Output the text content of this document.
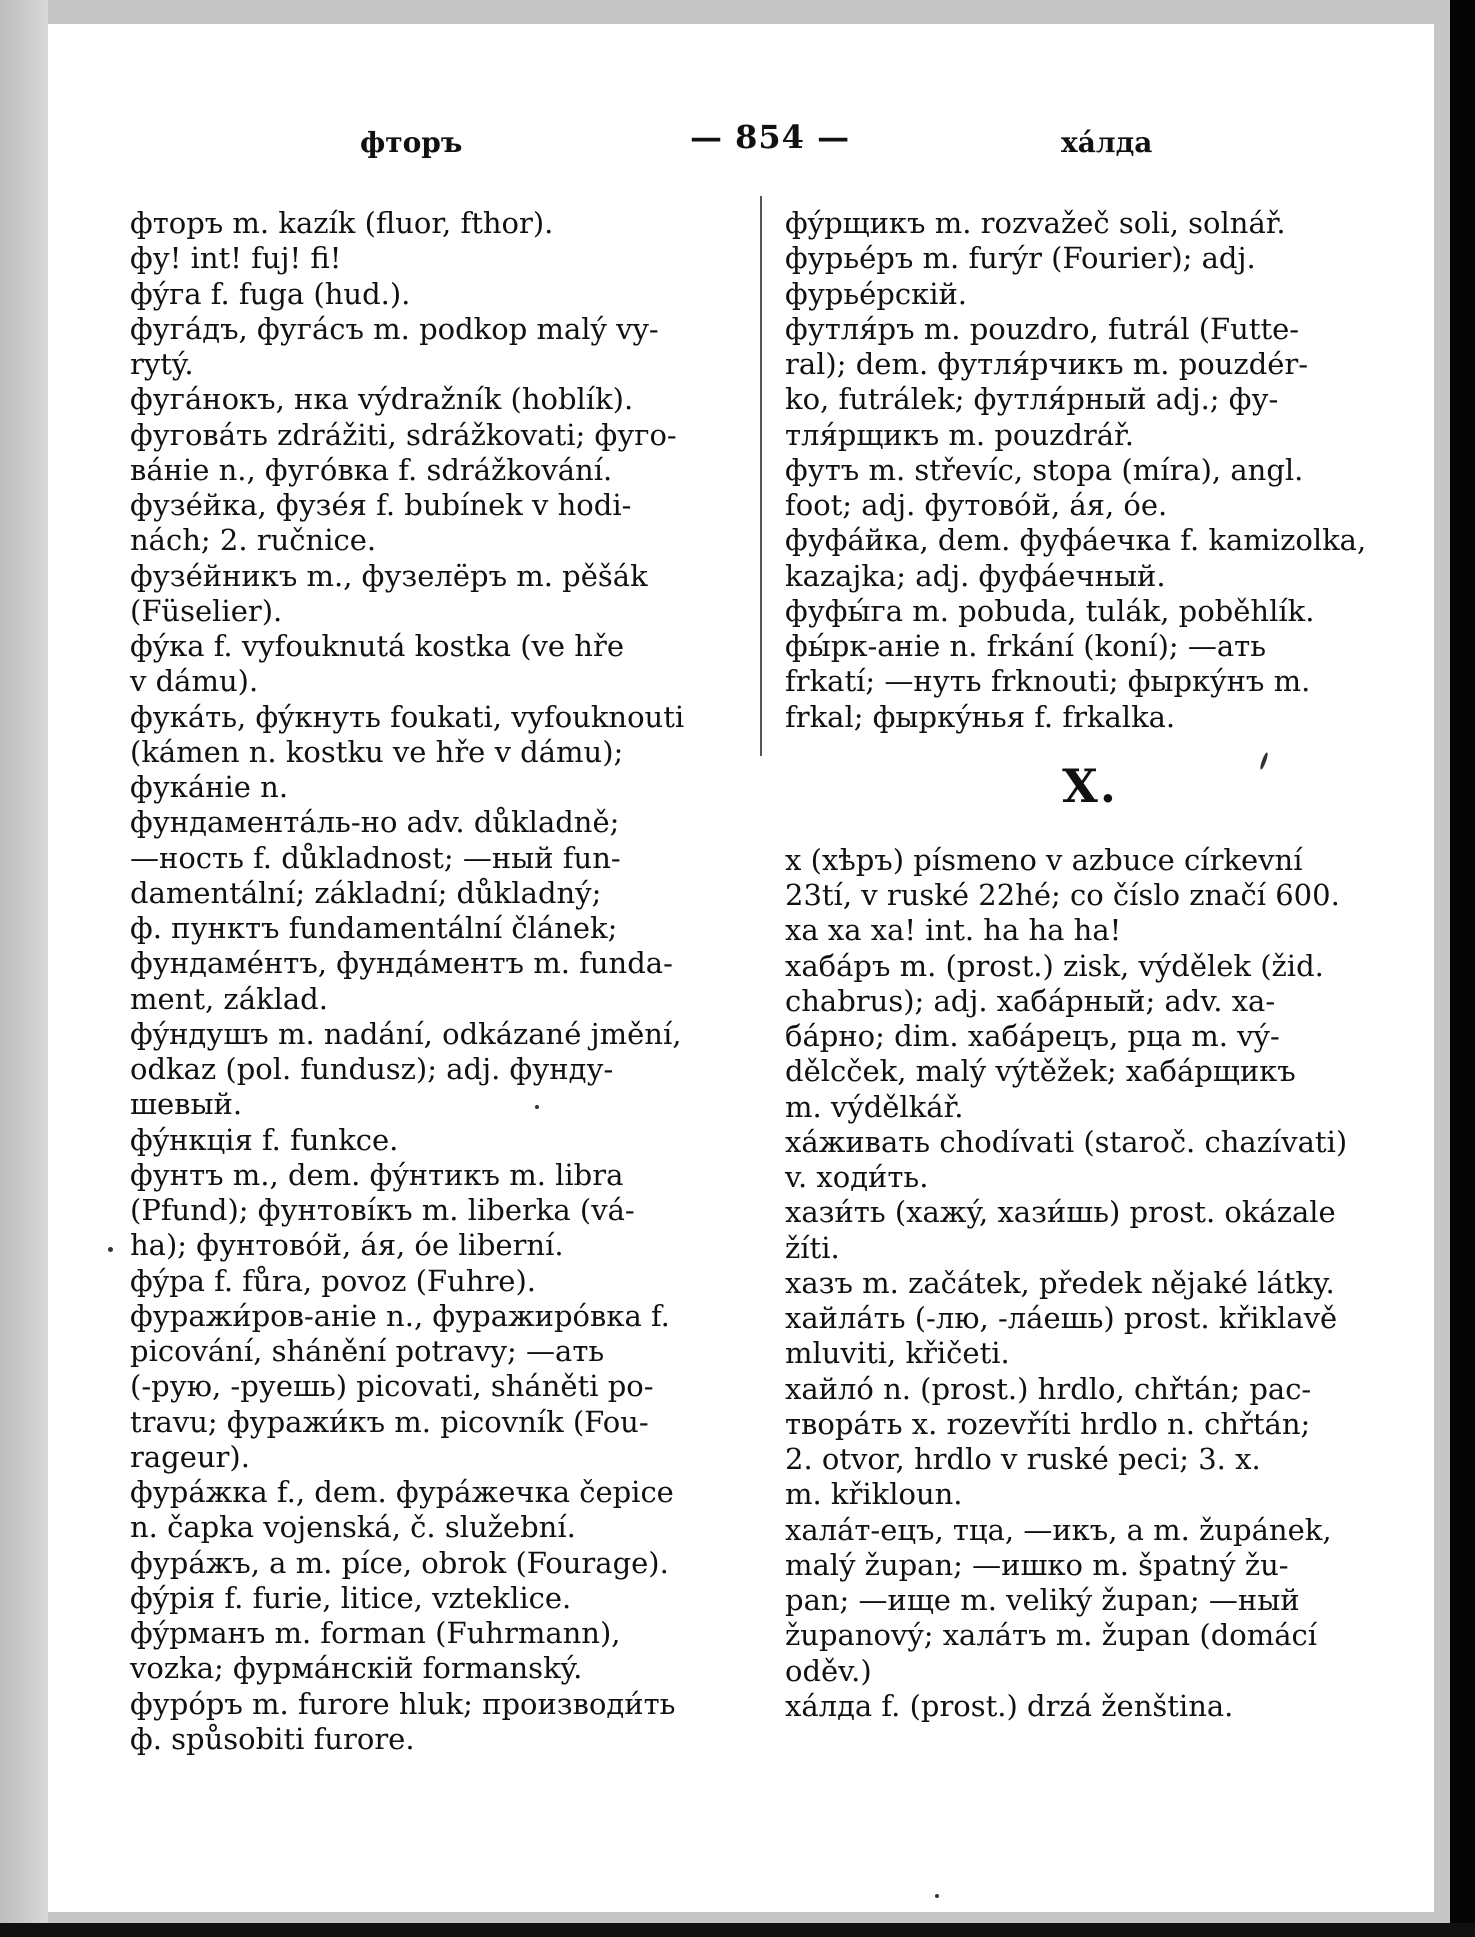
фторъ	— 854 —	хáлда
фторъ m. kazík (fluor, fthor).
фу! int! fuj! fi!
фýга f. fuga (hud.).
фугáдъ, фугáсъ m. podkop malý vy-
rytý.
фугáнокъ, нка výdražník (hoblík).
фуговáть zdrážiti, sdrážkovati; фуго-
вáніе n., фугóвка f. sdrážkování.
фузéйка, фузéя f. bubínek v hodi-
nách; 2. ručnice.
фузéйникъ m., фузелёръ m. pěšák
(Füselier).
фýка f. vyfouknutá kostka (ve hře
v dámu).
фукáть, фýкнуть foukati, vyfouknouti
(kámen n. kostku ve hře v dámu);
фукáніе n.
фундаментáль-но adv. důkladně;
—ность f. důkladnost; —ный fun-
damentální; základní; důkladný;
ф. пунктъ fundamentální článek;
фундамéнтъ, фундáментъ m. funda-
ment, základ.
фýндушъ m. nadání, odkázané jmění,
odkaz (pol. fundusz); adj. фунду-
шевый.
фýнкція f. funkce.
фунтъ m., dem. фýнтикъ m. libra
(Pfund); фунтовíкъ m. liberka (vá-
ha); фунтовóй, áя, óе liberní.
фýра f. fůra, povoz (Fuhre).
фуражи́ров-аніе n., фуражирóвка f.
picování, shánění potravy; —ать
(-рую, -руешь) picovati, sháněti po-
travu; фуражи́къ m. picovník (Fou-
rageur).
фурáжка f., dem. фурáжечка čepice
n. čapka vojenská, č. služební.
фурáжъ, а m. píce, obrok (Fourage).
фýрія f. furie, litice, vzteklice.
фýрманъ m. forman (Fuhrmann),
vozka; фурмáнскій formanský.
фурóръ m. furore hluk; производи́ть
ф. spůsobiti furore.
фýрщикъ m. rozvažeč soli, solnář.
фурьéръ m. furýr (Fourier); adj.
фурьéрскій.
футля́ръ m. pouzdro, futrál (Futte-
ral); dem. футля́рчикъ m. pouzdér-
ko, futrálek; футля́рный adj.; фу-
тля́рщикъ m. pouzdrář.
футъ m. střevíc, stopa (míra), angl.
foot; adj. футовóй, áя, óе.
фуфáйка, dem. фуфáечка f. kamizolka,
kazajka; adj. фуфáечный.
фуфы́га m. pobuda, tulák, poběhlík.
фы́рк-аніе n. frkání (koní); —ать
frkatí; —нуть frknouti; фыркýнъ m.
frkal; фыркýнья f. frkalka.
X.
х (хѣръ) písmeno v azbuce církevní
23tí, v ruské 22hé; co číslo značí 600.
ха ха ха! int. ha ha ha!
хабáръ m. (prost.) zisk, výdělek (žid.
chabrus); adj. хабáрный; adv. ха-
бáрно; dim. хабáрецъ, рца m. vý-
dělcček, malý výtěžek; хабáрщикъ
m. výdělkář.
хáживать chodívati (staroč. chazívati)
v. ходи́ть.
хази́ть (хажý, хази́шь) prost. okázale
žíti.
хазъ m. začátek, předek nějaké látky.
хайлáть (-лю, -лáешь) prost. křiklavě
mluviti, křičeti.
хайлó n. (prost.) hrdlo, chřtán; рас-
творáть х. rozevříti hrdlo n. chřtán;
2. otvor, hrdlo v ruské peci; 3. х.
m. křikloun.
халáт-ецъ, тца, —икъ, а m. župánek,
malý župan; —ишко m. špatný žu-
pan; —ище m. veliký župan; —ный
županový; халáтъ m. župan (domácí
oděv.)
хáлда f. (prost.) drzá ženština.
